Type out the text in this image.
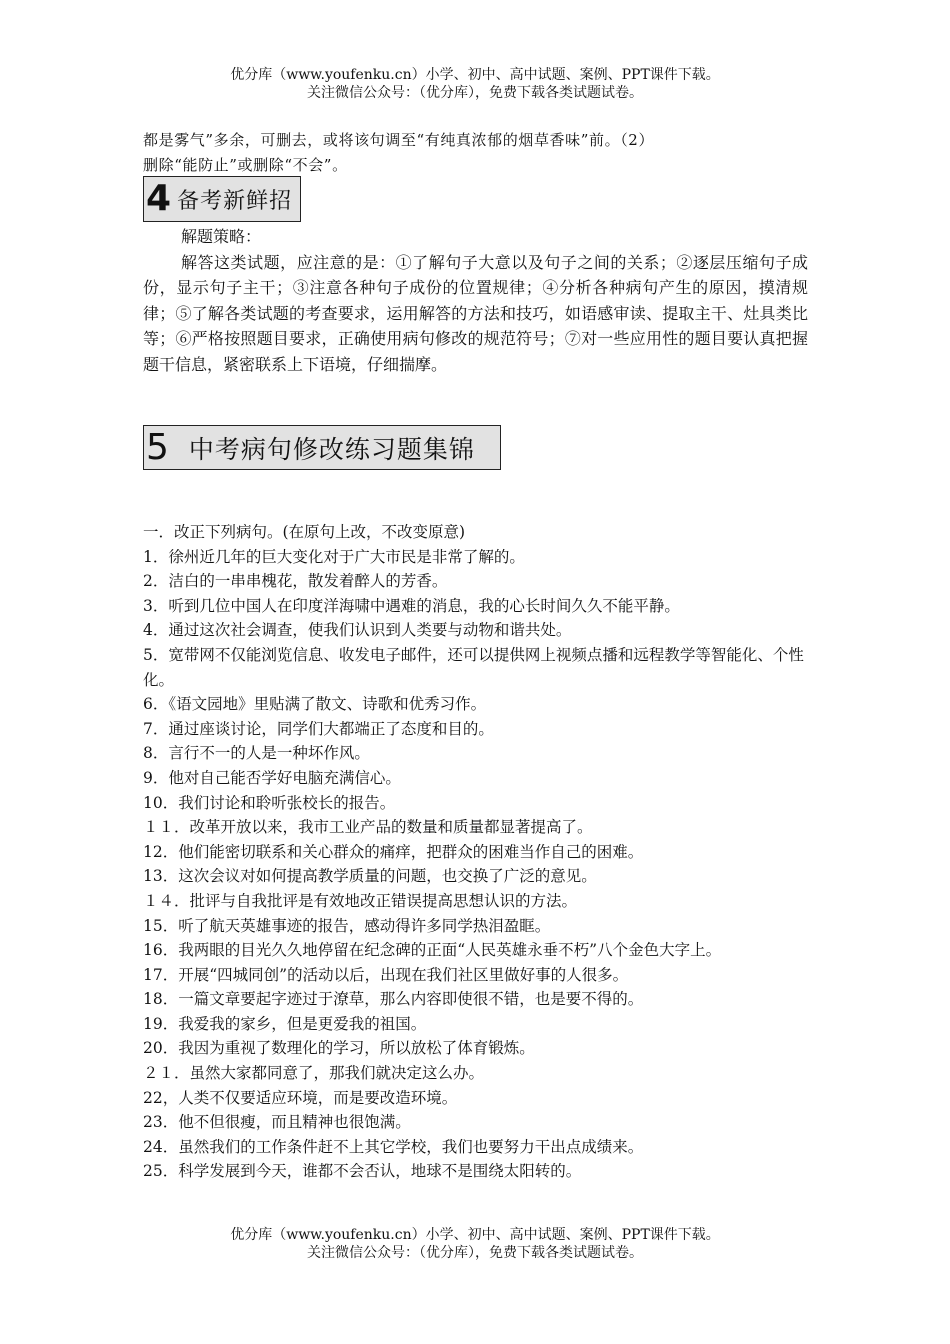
优分库（www.youfenku.cn）小学、初中、高中试题、案例、PPT课件下载。
关注微信公众号：（优分库），免费下载各类试题试卷。
都是雾气”多余，可删去，或将该句调至“有纯真浓郁的烟草香味”前。（2）
删除“能防止”或删除“不会”。
4 备考新鲜招

解题策略：

解答这类试题，应注意的是：①了解句子大意以及句子之间的关系；②逐层压缩句子成份，显示句子主干；③注意各种句子成份的位置规律；④分析各种病句产生的原因，摸清规律；⑤了解各类试题的考查要求，运用解答的方法和技巧，如语感审读、提取主干、灶具类比等；⑥严格按照题目要求，正确使用病句修改的规范符号；⑦对一些应用性的题目要认真把握题干信息，紧密联系上下语境，仔细揣摩。

5 中考病句修改练习题集锦
一．改正下列病句。(在原句上改，不改变原意)
1．徐州近几年的巨大变化对于广大市民是非常了解的。
2．洁白的一串串槐花，散发着醉人的芳香。
3．听到几位中国人在印度洋海啸中遇难的消息，我的心长时间久久不能平静。
4．通过这次社会调查，使我们认识到人类要与动物和谐共处。
5．宽带网不仅能浏览信息、收发电子邮件，还可以提供网上视频点播和远程教学等智能化、个性化。
6．《语文园地》里贴满了散文、诗歌和优秀习作。
7．通过座谈讨论，同学们大都端正了态度和目的。
8．言行不一的人是一种坏作风。
9．他对自己能否学好电脑充满信心。
10．我们讨论和聆听张校长的报告。
１１．改革开放以来，我市工业产品的数量和质量都显著提高了。
12．他们能密切联系和关心群众的痛痒，把群众的困难当作自己的困难。
13．这次会议对如何提高教学质量的问题，也交换了广泛的意见。
１４．批评与自我批评是有效地改正错误提高思想认识的方法。
15．听了航天英雄事迹的报告，感动得许多同学热泪盈眶。
16．我两眼的目光久久地停留在纪念碑的正面“人民英雄永垂不朽”八个金色大字上。
17．开展“四城同创”的活动以后，出现在我们社区里做好事的人很多。
18．一篇文章要起字迹过于潦草，那么内容即使很不错，也是要不得的。
19．我爱我的家乡，但是更爱我的祖国。
20．我因为重视了数理化的学习，所以放松了体育锻炼。
２１．虽然大家都同意了，那我们就决定这么办。
22，人类不仅要适应环境，而是要改造环境。
23．他不但很瘦，而且精神也很饱满。
24．虽然我们的工作条件赶不上其它学校，我们也要努力干出点成绩来。
25．科学发展到今天，谁都不会否认，地球不是围绕太阳转的。
优分库（www.youfenku.cn）小学、初中、高中试题、案例、PPT课件下载。
关注微信公众号：（优分库），免费下载各类试题试卷。
